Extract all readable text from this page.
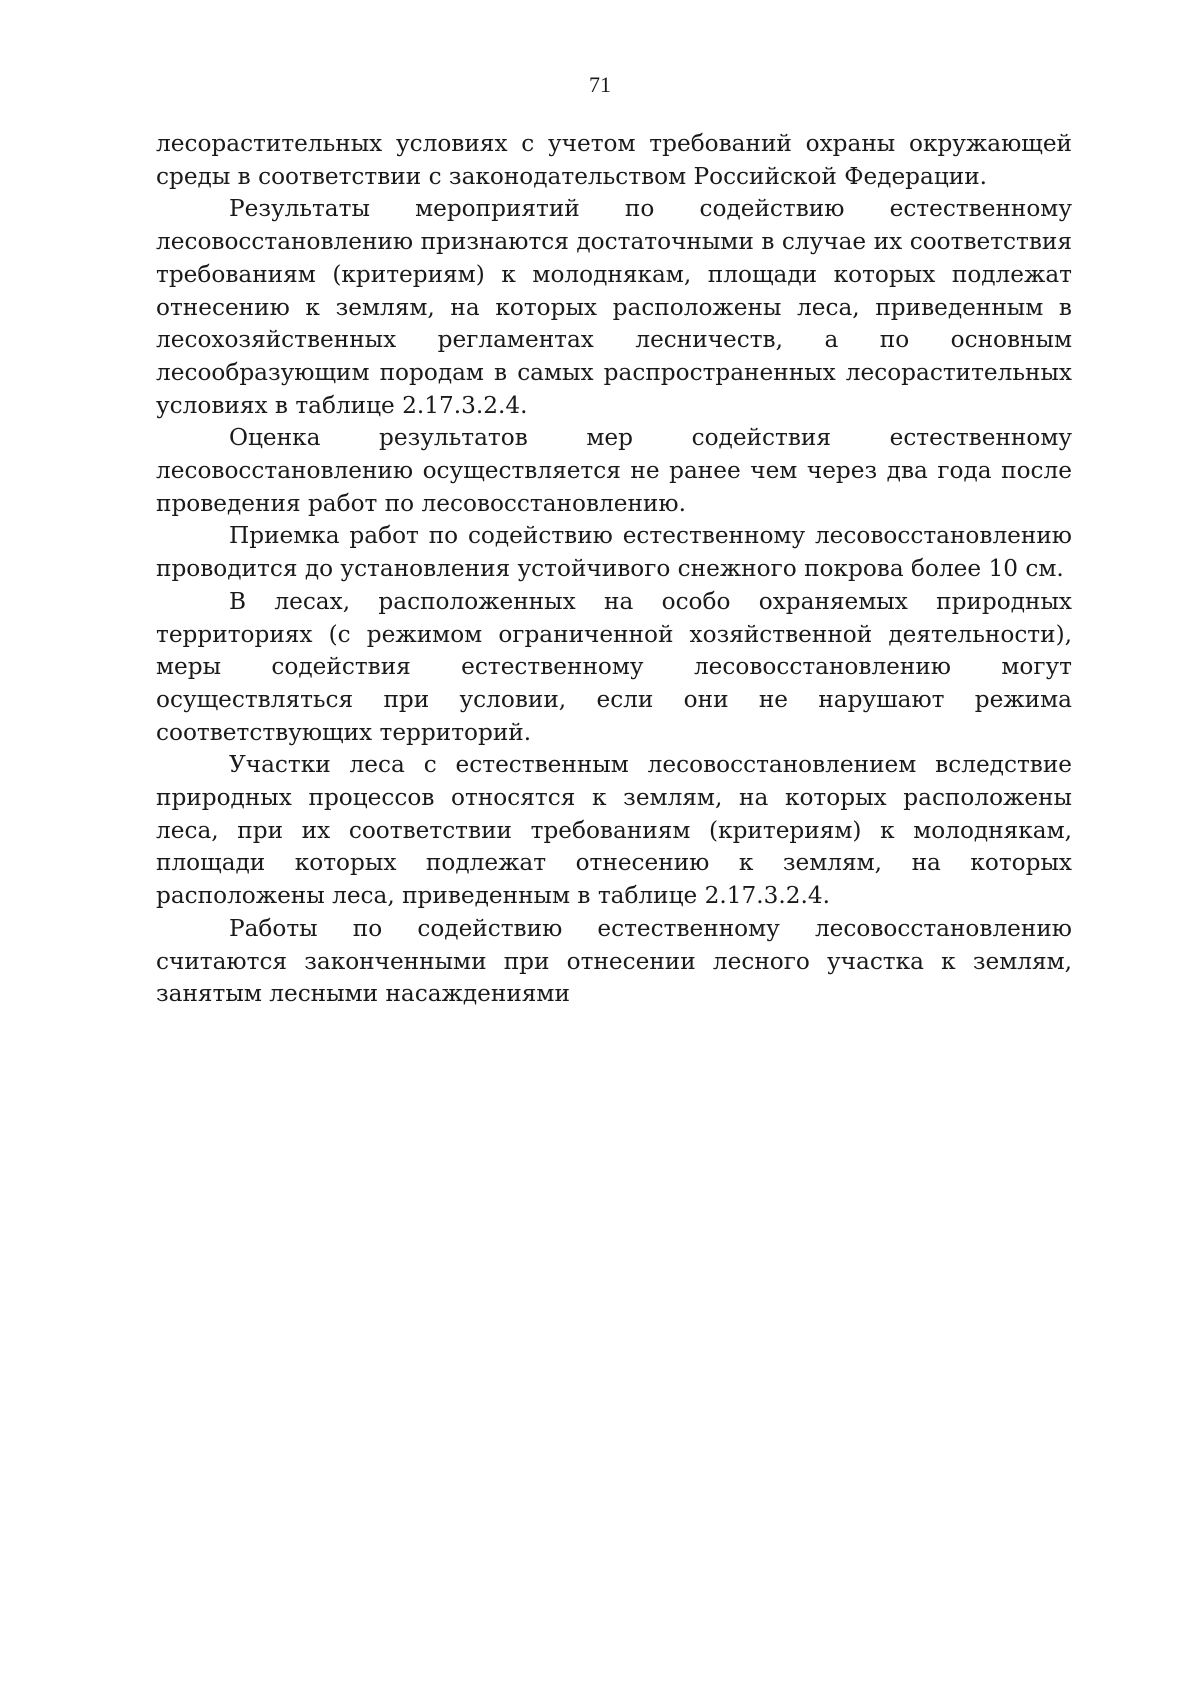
71

лесорастительных условиях с учетом требований охраны окружающей среды в соответствии с законодательством Российской Федерации.

Результаты мероприятий по содействию естественному лесовосстановлению признаются достаточными в случае их соответствия требованиям (критериям) к молоднякам, площади которых подлежат отнесению к землям, на которых расположены леса, приведенным в лесохозяйственных регламентах лесничеств, а по основным лесообразующим породам в самых распространенных лесорастительных условиях в таблице 2.17.3.2.4.

Оценка результатов мер содействия естественному лесовосстановлению осуществляется не ранее чем через два года после проведения работ по лесовосстановлению.

Приемка работ по содействию естественному лесовосстановлению проводится до установления устойчивого снежного покрова более 10 см.

В лесах, расположенных на особо охраняемых природных территориях (с режимом ограниченной хозяйственной деятельности), меры содействия естественному лесовосстановлению могут осуществляться при условии, если они не нарушают режима соответствующих территорий.

Участки леса с естественным лесовосстановлением вследствие природных процессов относятся к землям, на которых расположены леса, при их соответствии требованиям (критериям) к молоднякам, площади которых подлежат отнесению к землям, на которых расположены леса, приведенным в таблице 2.17.3.2.4.

Работы по содействию естественному лесовосстановлению считаются законченными при отнесении лесного участка к землям, занятым лесными насаждениями
